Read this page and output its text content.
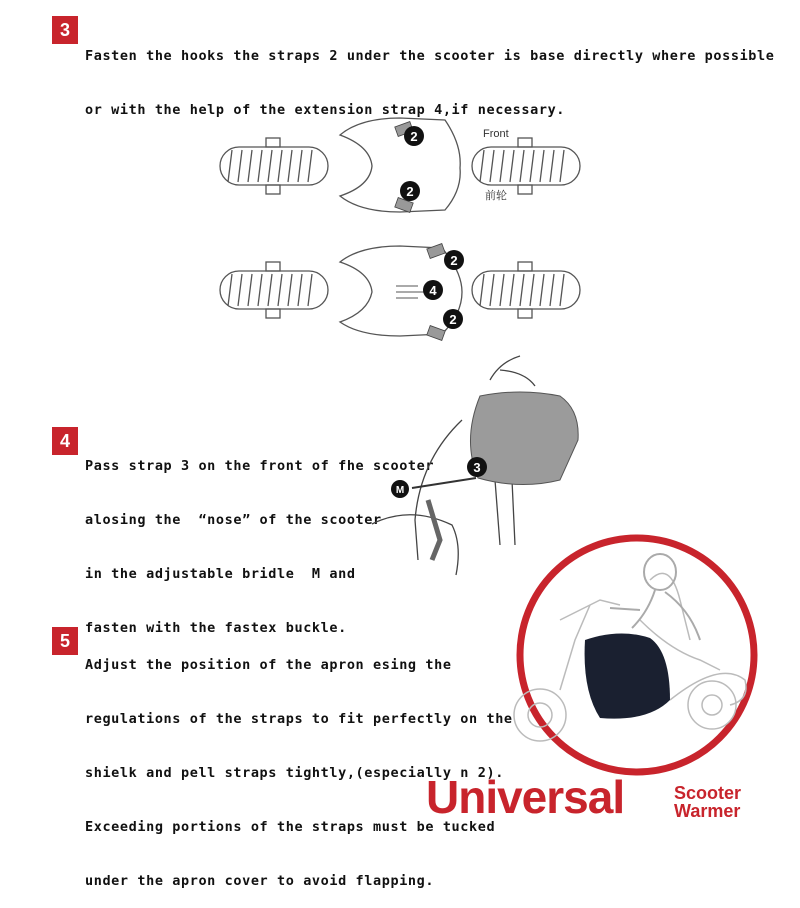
3

Fasten the hooks the straps 2 under the scooter is base directly where possible

or with the help of the extension strap 4,if necessary.

4

Pass strap 3 on the front of fhe scooter

alosing the  “nose” of the scooter

in the adjustable bridle  M and

fasten with the fastex buckle.

5

Adjust the position of the apron esing the

regulations of the straps to fit perfectly on the

shielk and pell straps tightly,(especially n 2).

Exceeding portions of the straps must be tucked

under the apron cover to avoid flapping.

2
2
2
4
2
Front
前轮
3
M
Universal	Scooter
Warmer
